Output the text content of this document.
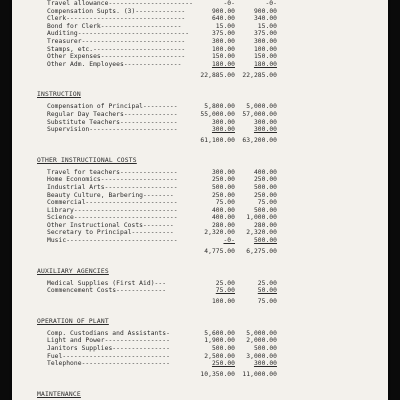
Travel allowance----------------------	-0-	-0-
Compensation Supts. (3)-------------	900.00	900.00
Clerk-------------------------------	640.00	340.00
Bond for Clerk---------------------	15.00	15.00
Auditing-----------------------------	375.00	375.00
Treasurer---------------------------	300.00	300.00
Stamps, etc.------------------------	100.00	100.00
Other Expenses----------------------	150.00	150.00
Other Adm. Employees---------------	180.00	180.00
22,885.00	22,285.00
INSTRUCTION
Compensation of Principal---------	5,800.00	5,000.00
Regular Day Teachers--------------	55,000.00	57,000.00
Substitute Teachers---------------	300.00	300.00
Supervision-----------------------	300.00	300.00
61,100.00	63,200.00
OTHER INSTRUCTIONAL COSTS
Travel for teachers---------------	300.00	400.00
Home Economics--------------------	250.00	250.00
Industrial Arts-------------------	500.00	500.00
Beauty Culture, Barbering--------	250.00	250.00
Commercial------------------------	75.00	75.00
Library---------------------------	400.00	500.00
Science---------------------------	400.00	1,000.00
Other Instructional Costs--------	280.00	280.00
Secretary to Principal-----------	2,320.00	2,320.00
Music-----------------------------	-0-	500.00
4,775.00	6,275.00
AUXILIARY AGENCIES
Medical Supplies (First Aid)---	25.00	25.00
Commencement Costs-------------	75.00	50.00
100.00	75.00
OPERATION OF PLANT
Comp. Custodians and Assistants-	5,600.00	5,000.00
Light and Power-----------------	1,900.00	2,000.00
Janitors Supplies---------------	500.00	500.00
Fuel----------------------------	2,500.00	3,000.00
Telephone-----------------------	250.00	300.00
10,350.00	11,000.00
MAINTENANCE
